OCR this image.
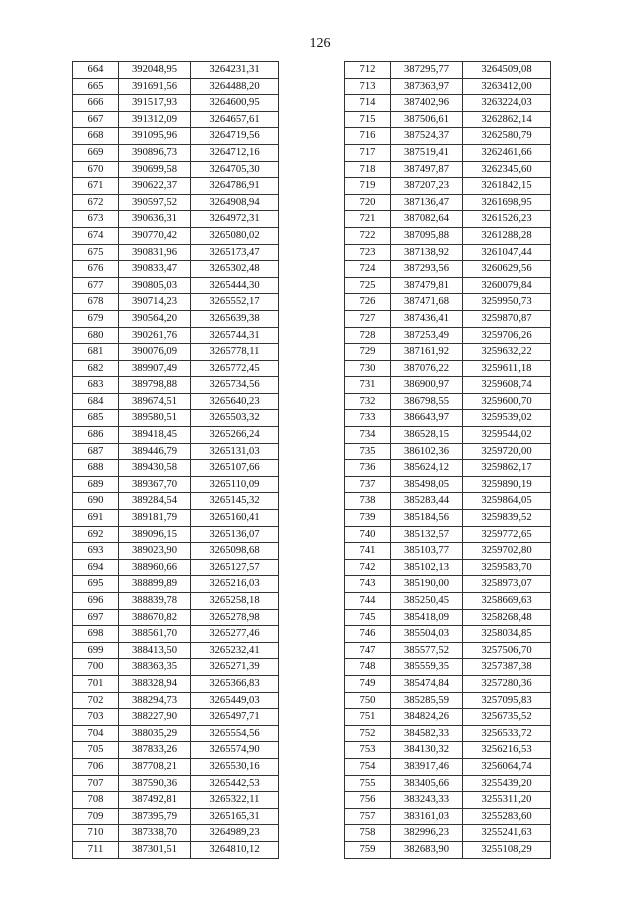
126
664	392048,95	3264231,31
665	391691,56	3264488,20
666	391517,93	3264600,95
667	391312,09	3264657,61
668	391095,96	3264719,56
669	390896,73	3264712,16
670	390699,58	3264705,30
671	390622,37	3264786,91
672	390597,52	3264908,94
673	390636,31	3264972,31
674	390770,42	3265080,02
675	390831,96	3265173,47
676	390833,47	3265302,48
677	390805,03	3265444,30
678	390714,23	3265552,17
679	390564,20	3265639,38
680	390261,76	3265744,31
681	390076,09	3265778,11
682	389907,49	3265772,45
683	389798,88	3265734,56
684	389674,51	3265640,23
685	389580,51	3265503,32
686	389418,45	3265266,24
687	389446,79	3265131,03
688	389430,58	3265107,66
689	389367,70	3265110,09
690	389284,54	3265145,32
691	389181,79	3265160,41
692	389096,15	3265136,07
693	389023,90	3265098,68
694	388960,66	3265127,57
695	388899,89	3265216,03
696	388839,78	3265258,18
697	388670,82	3265278,98
698	388561,70	3265277,46
699	388413,50	3265232,41
700	388363,35	3265271,39
701	388328,94	3265366,83
702	388294,73	3265449,03
703	388227,90	3265497,71
704	388035,29	3265554,56
705	387833,26	3265574,90
706	387708,21	3265530,16
707	387590,36	3265442,53
708	387492,81	3265322,11
709	387395,79	3265165,31
710	387338,70	3264989,23
711	387301,51	3264810,12
712	387295,77	3264509,08
713	387363,97	3263412,00
714	387402,96	3263224,03
715	387506,61	3262862,14
716	387524,37	3262580,79
717	387519,41	3262461,66
718	387497,87	3262345,60
719	387207,23	3261842,15
720	387136,47	3261698,95
721	387082,64	3261526,23
722	387095,88	3261288,28
723	387138,92	3261047,44
724	387293,56	3260629,56
725	387479,81	3260079,84
726	387471,68	3259950,73
727	387436,41	3259870,87
728	387253,49	3259706,26
729	387161,92	3259632,22
730	387076,22	3259611,18
731	386900,97	3259608,74
732	386798,55	3259600,70
733	386643,97	3259539,02
734	386528,15	3259544,02
735	386102,36	3259720,00
736	385624,12	3259862,17
737	385498,05	3259890,19
738	385283,44	3259864,05
739	385184,56	3259839,52
740	385132,57	3259772,65
741	385103,77	3259702,80
742	385102,13	3259583,70
743	385190,00	3258973,07
744	385250,45	3258669,63
745	385418,09	3258268,48
746	385504,03	3258034,85
747	385577,52	3257506,70
748	385559,35	3257387,38
749	385474,84	3257280,36
750	385285,59	3257095,83
751	384824,26	3256735,52
752	384582,33	3256533,72
753	384130,32	3256216,53
754	383917,46	3256064,74
755	383405,66	3255439,20
756	383243,33	3255311,20
757	383161,03	3255283,60
758	382996,23	3255241,63
759	382683,90	3255108,29
